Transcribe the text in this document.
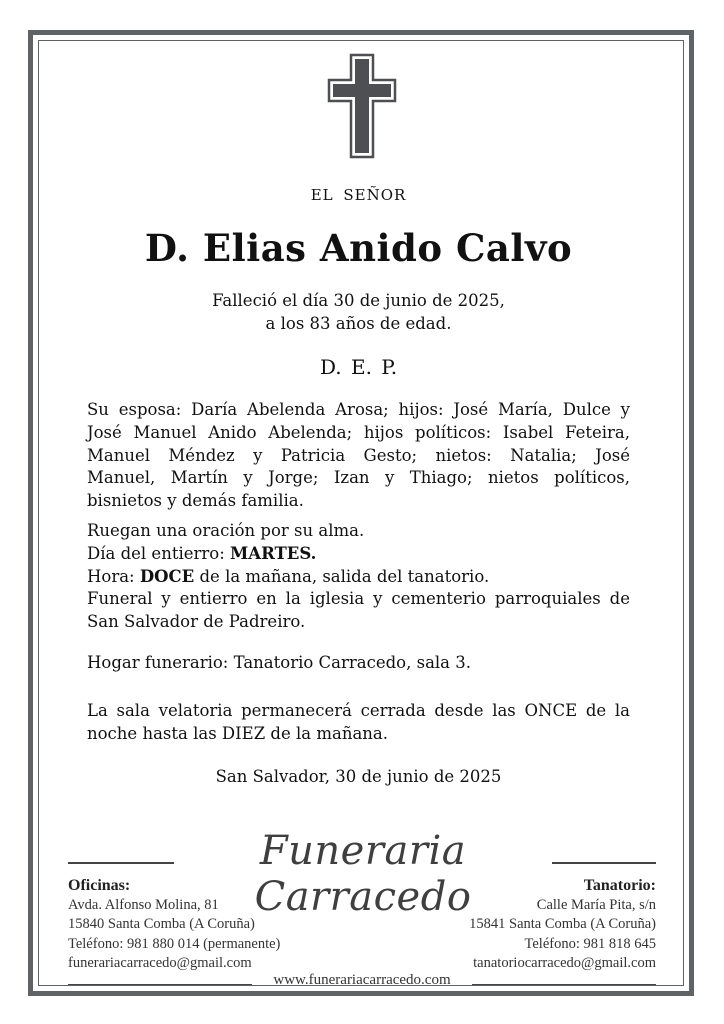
EL SEÑOR
D. Elias Anido Calvo
Falleció el día 30 de junio de 2025,
a los 83 años de edad.
D. E. P.
Su esposa: Daría Abelenda Arosa; hijos: José María, Dulce y
José Manuel Anido Abelenda; hijos políticos: Isabel Feteira,
Manuel Méndez y Patricia Gesto; nietos: Natalia; José
Manuel, Martín y Jorge; Izan y Thiago; nietos políticos,
bisnietos y demás familia.
Ruegan una oración por su alma.
Día del entierro: MARTES.
Hora: DOCE de la mañana, salida del tanatorio.
Funeral y entierro en la iglesia y cementerio parroquiales de
San Salvador de Padreiro.
Hogar funerario: Tanatorio Carracedo, sala 3.
La sala velatoria permanecerá cerrada desde las ONCE de la
noche hasta las DIEZ de la mañana.
San Salvador, 30 de junio de 2025
Funeraria Carracedo
Oficinas:
Avda. Alfonso Molina, 81
15840 Santa Comba (A Coruña)
Teléfono: 981 880 014 (permanente)
funerariacarracedo@gmail.com
Tanatorio:
Calle María Pita, s/n
15841 Santa Comba (A Coruña)
Teléfono: 981 818 645
tanatoriocarracedo@gmail.com
www.funerariacarracedo.com
